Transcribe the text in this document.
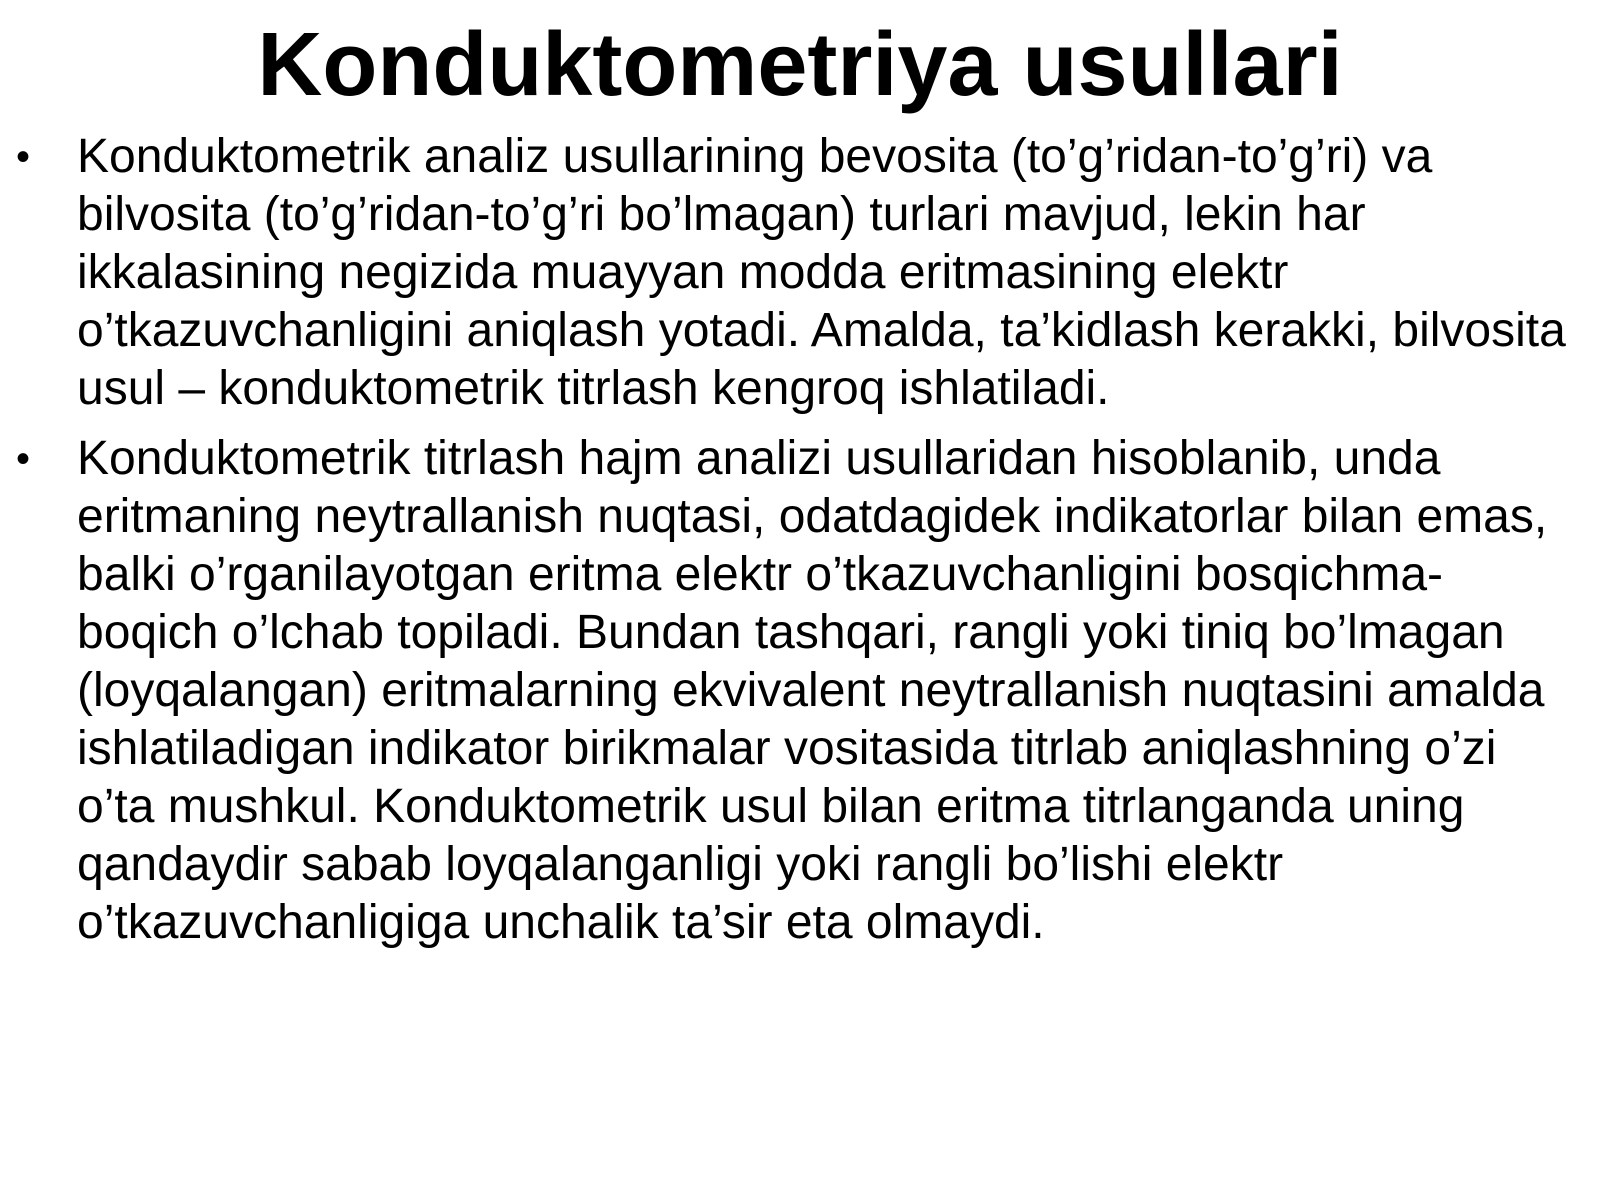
Konduktometriya usullari
• Konduktometrik analiz usullarining bevosita (to’g’ridan-to’g’ri) va bilvosita (to’g’ridan-to’g’ri bo’lmagan) turlari mavjud, lekin har ikkalasining negizida muayyan modda eritmasining elektr o’tkazuvchanligini aniqlash yotadi. Amalda, ta’kidlash kerakki, bilvosita usul – konduktometrik titrlash kengroq ishlatiladi.
• Konduktometrik titrlash hajm analizi usullaridan hisoblanib, unda eritmaning neytrallanish nuqtasi, odatdagidek indikatorlar bilan emas, balki o’rganilayotgan eritma elektr o’tkazuvchanligini bosqichma-boqich o’lchab topiladi. Bundan tashqari, rangli yoki tiniq bo’lmagan (loyqalangan) eritmalarning ekvivalent neytrallanish nuqtasini amalda ishlatiladigan indikator birikmalar vositasida titrlab aniqlashning o’zi o’ta mushkul. Konduktometrik usul bilan eritma titrlanganda uning qandaydir sabab loyqalanganligi yoki rangli bo’lishi elektr o’tkazuvchanligiga unchalik ta’sir eta olmaydi.
